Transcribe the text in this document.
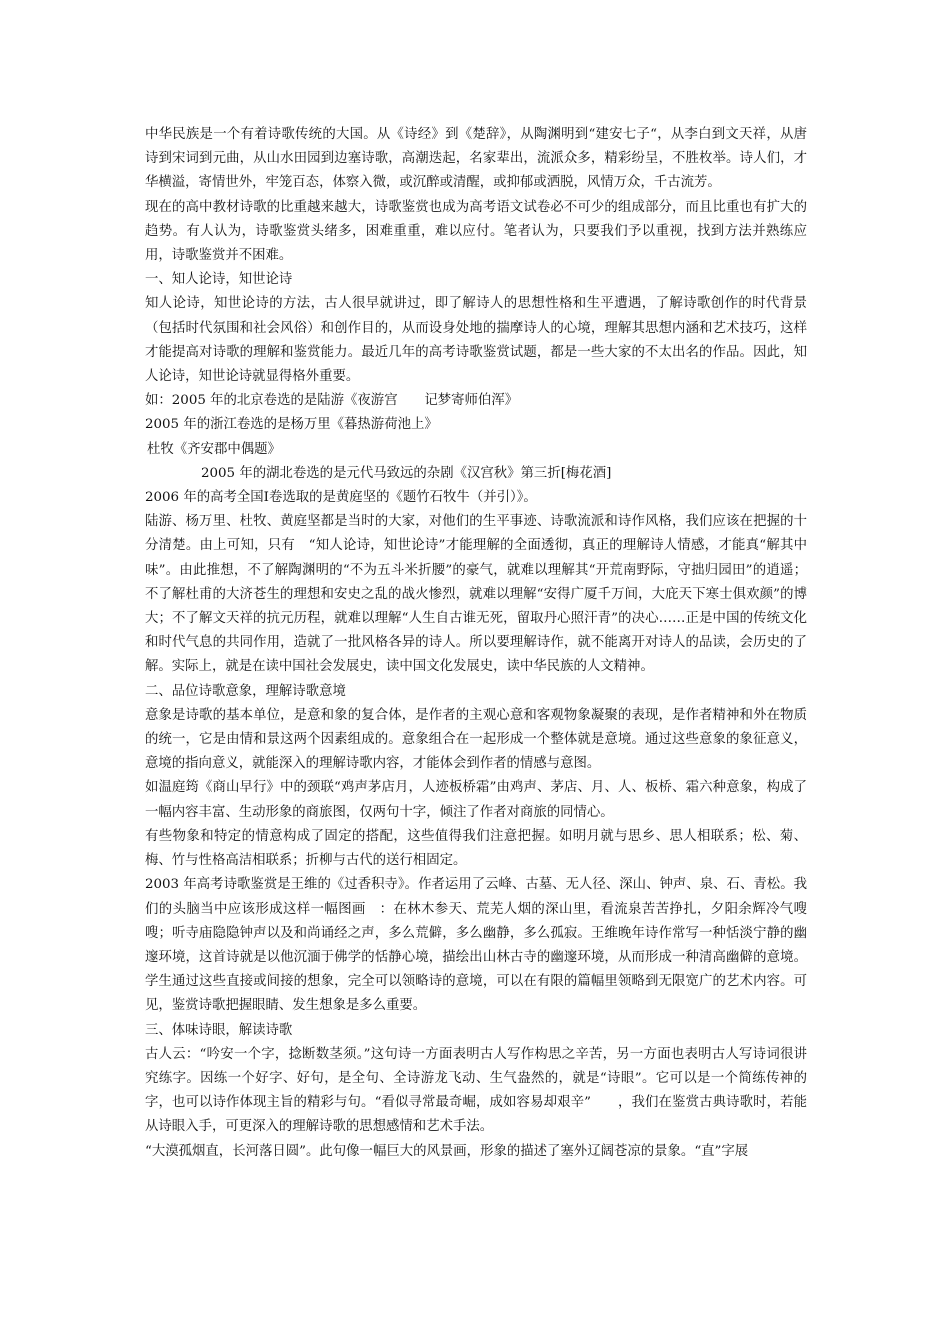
中华民族是一个有着诗歌传统的大国。从《诗经》到《楚辞》，从陶渊明到“建安七子“，从李白到文天祥，从唐诗到宋词到元曲，从山水田园到边塞诗歌，高潮迭起，名家辈出，流派众多，精彩纷呈，不胜枚举。诗人们，才华横溢，寄情世外，牢笼百态，体察入微，或沉醉或清醒，或抑郁或洒脱，风情万众，千古流芳。

现在的高中教材诗歌的比重越来越大，诗歌鉴赏也成为高考语文试卷必不可少的组成部分，而且比重也有扩大的趋势。有人认为，诗歌鉴赏头绪多，困难重重，难以应付。笔者认为，只要我们予以重视，找到方法并熟练应用，诗歌鉴赏并不困难。

一、知人论诗，知世论诗

知人论诗，知世论诗的方法，古人很早就讲过，即了解诗人的思想性格和生平遭遇，了解诗歌创作的时代背景（包括时代氛围和社会风俗）和创作目的，从而设身处地的揣摩诗人的心境，理解其思想内涵和艺术技巧，这样才能提高对诗歌的理解和鉴赏能力。最近几年的高考诗歌鉴赏试题，都是一些大家的不太出名的作品。因此，知人论诗，知世论诗就显得格外重要。

如：2005 年的北京卷选的是陆游《夜游宫　　记梦寄师伯浑》

2005 年的浙江卷选的是杨万里《暮热游荷池上》

杜牧《齐安郡中偶题》

2005 年的湖北卷选的是元代马致远的杂剧《汉宫秋》第三折[梅花酒]

2006 年的高考全国Ⅰ卷选取的是黄庭坚的《题竹石牧牛（并引）》。

陆游、杨万里、杜牧、黄庭坚都是当时的大家，对他们的生平事迹、诗歌流派和诗作风格，我们应该在把握的十分清楚。由上可知，只有　“知人论诗，知世论诗”才能理解的全面透彻，真正的理解诗人情感，才能真“解其中味”。由此推想，不了解陶渊明的“不为五斗米折腰”的豪气，就难以理解其“开荒南野际，守拙归园田”的逍遥；不了解杜甫的大济苍生的理想和安史之乱的战火惨烈，就难以理解“安得广厦千万间，大庇天下寒士俱欢颜”的博大；不了解文天祥的抗元历程，就难以理解“人生自古谁无死，留取丹心照汗青”的决心……正是中国的传统文化和时代气息的共同作用，造就了一批风格各异的诗人。所以要理解诗作，就不能离开对诗人的品读，会历史的了解。实际上，就是在读中国社会发展史，读中国文化发展史，读中华民族的人文精神。

二、品位诗歌意象，理解诗歌意境

意象是诗歌的基本单位，是意和象的复合体，是作者的主观心意和客观物象凝聚的表现，是作者精神和外在物质的统一，它是由情和景这两个因素组成的。意象组合在一起形成一个整体就是意境。通过这些意象的象征意义，意境的指向意义，就能深入的理解诗歌内容，才能体会到作者的情感与意图。

如温庭筠《商山早行》中的颈联“鸡声茅店月，人迹板桥霜”由鸡声、茅店、月、人、板桥、霜六种意象，构成了一幅内容丰富、生动形象的商旅图，仅两句十字，倾注了作者对商旅的同情心。

有些物象和特定的情意构成了固定的搭配，这些值得我们注意把握。如明月就与思乡、思人相联系；松、菊、梅、竹与性格高洁相联系；折柳与古代的送行相固定。

2003 年高考诗歌鉴赏是王维的《过香积寺》。作者运用了云峰、古墓、无人径、深山、钟声、泉、石、青松。我们的头脑当中应该形成这样一幅图画　：在林木参天、荒芜人烟的深山里，看流泉苦苦挣扎，夕阳余辉冷气嗖嗖；听寺庙隐隐钟声以及和尚诵经之声，多么荒僻，多么幽静，多么孤寂。王维晚年诗作常写一种恬淡宁静的幽邃环境，这首诗就是以他沉湎于佛学的恬静心境，描绘出山林古寺的幽邃环境，从而形成一种清高幽僻的意境。学生通过这些直接或间接的想象，完全可以领略诗的意境，可以在有限的篇幅里领略到无限宽广的艺术内容。可见，鉴赏诗歌把握眼睛、发生想象是多么重要。

三、体味诗眼，解读诗歌

古人云：“吟安一个字，捻断数茎须。”这句诗一方面表明古人写作构思之辛苦，另一方面也表明古人写诗词很讲究练字。因练一个好字、好句，是全句、全诗游龙飞动、生气盎然的，就是“诗眼”。它可以是一个简练传神的字，也可以诗作体现主旨的精彩与句。“看似寻常最奇崛，成如容易却艰辛”　　，我们在鉴赏古典诗歌时，若能从诗眼入手，可更深入的理解诗歌的思想感情和艺术手法。

“大漠孤烟直，长河落日圆”。此句像一幅巨大的风景画，形象的描述了塞外辽阔苍凉的景象。“直”字展
